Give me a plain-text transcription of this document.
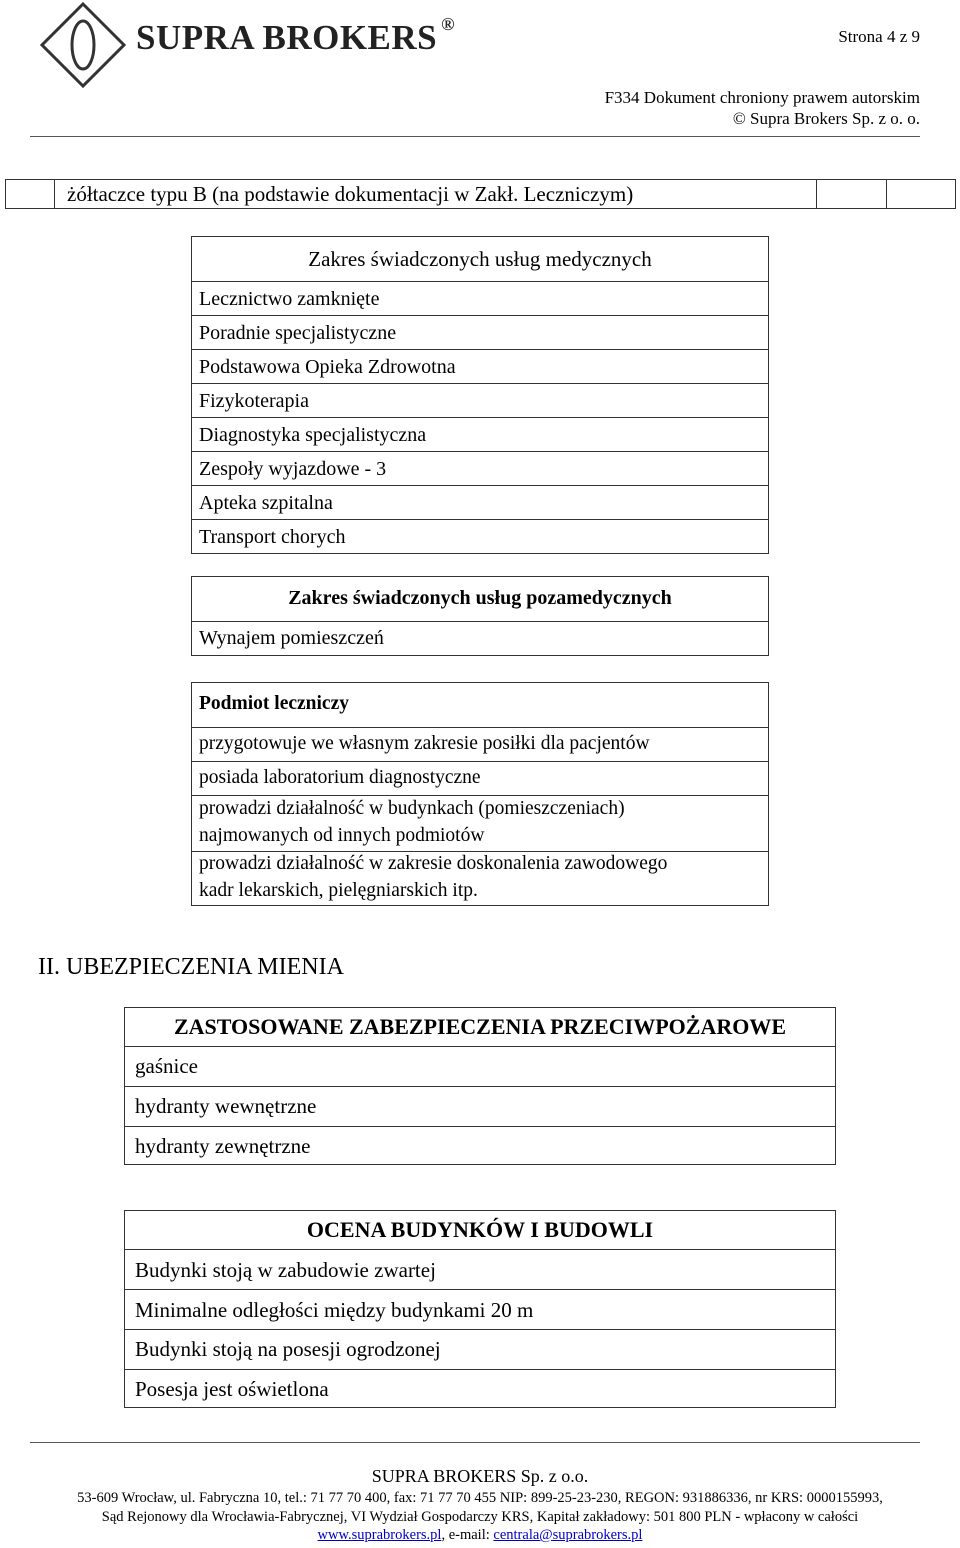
SUPRA BROKERS ®
Strona 4 z 9
F334 Dokument chroniony prawem autorskim
© Supra Brokers Sp. z o. o.
żółtaczce typu B (na podstawie dokumentacji w Zakł. Leczniczym)
Zakres świadczonych usług medycznych
Lecznictwo zamknięte
Poradnie specjalistyczne
Podstawowa Opieka Zdrowotna
Fizykoterapia
Diagnostyka specjalistyczna
Zespoły wyjazdowe - 3
Apteka szpitalna
Transport chorych
Zakres świadczonych usług pozamedycznych
Wynajem pomieszczeń
Podmiot leczniczy
przygotowuje we własnym zakresie posiłki dla pacjentów
posiada laboratorium diagnostyczne
prowadzi działalność w budynkach (pomieszczeniach)
najmowanych od innych podmiotów
prowadzi działalność w zakresie doskonalenia zawodowego
kadr lekarskich, pielęgniarskich itp.
II. UBEZPIECZENIA MIENIA
ZASTOSOWANE ZABEZPIECZENIA PRZECIWPOŻAROWE
gaśnice
hydranty wewnętrzne
hydranty zewnętrzne
OCENA BUDYNKÓW I BUDOWLI
Budynki stoją w zabudowie zwartej
Minimalne odległości między budynkami 20 m
Budynki stoją na posesji ogrodzonej
Posesja jest oświetlona
SUPRA BROKERS Sp. z o.o.
53-609 Wrocław, ul. Fabryczna 10, tel.: 71 77 70 400, fax: 71 77 70 455 NIP: 899-25-23-230, REGON: 931886336, nr KRS: 0000155993,
Sąd Rejonowy dla Wrocławia-Fabrycznej, VI Wydział Gospodarczy KRS, Kapitał zakładowy: 501 800 PLN - wpłacony w całości
www.suprabrokers.pl, e-mail: centrala@suprabrokers.pl
